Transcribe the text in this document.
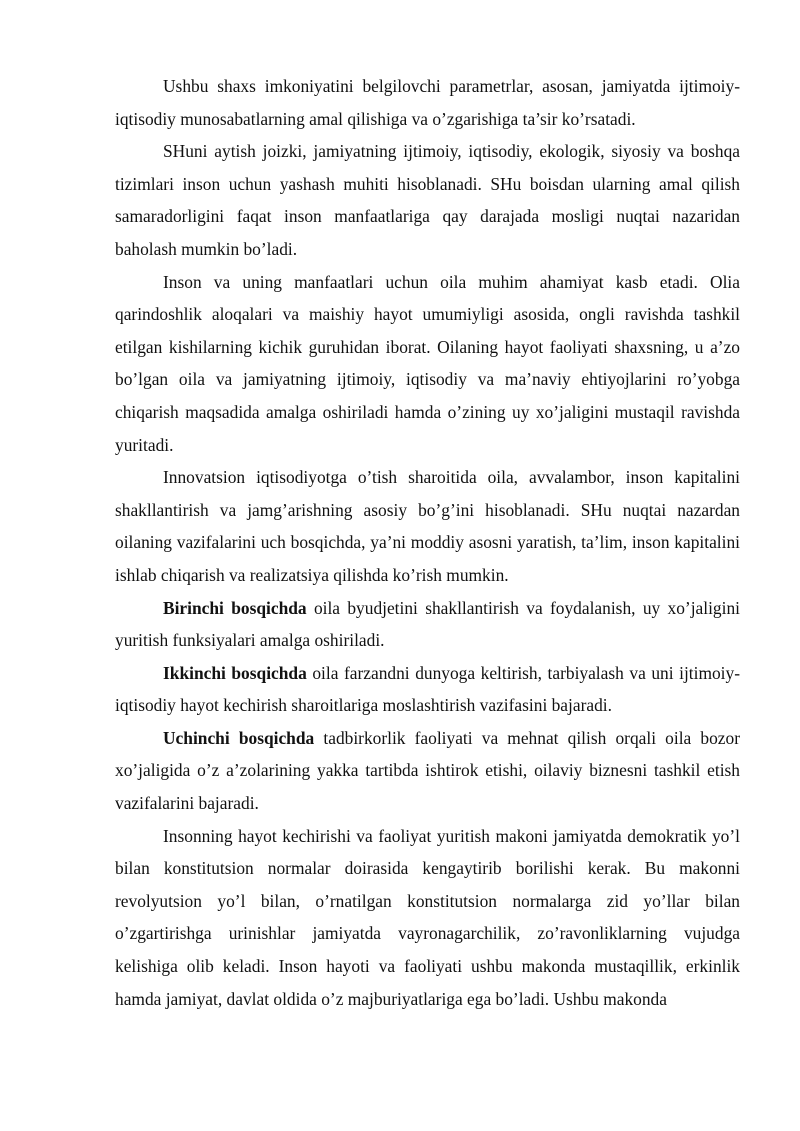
Ushbu shaxs imkoniyatini belgilovchi parametrlar, asosan, jamiyatda ijtimoiy- iqtisodiy munosabatlarning amal qilishiga va o’zgarishiga ta’sir ko’rsatadi.

SHuni aytish joizki, jamiyatning ijtimoiy, iqtisodiy, ekologik, siyosiy va boshqa tizimlari inson uchun yashash muhiti hisoblanadi. SHu boisdan ularning amal qilish samaradorligini faqat inson manfaatlariga qay darajada mosligi nuqtai nazaridan baholash mumkin bo’ladi.

Inson va uning manfaatlari uchun oila muhim ahamiyat kasb etadi. Olia qarindoshlik aloqalari va maishiy hayot umumiyligi asosida, ongli ravishda tashkil etilgan kishilarning kichik guruhidan iborat. Oilaning hayot faoliyati shaxsning, u a’zo bo’lgan oila va jamiyatning ijtimoiy, iqtisodiy va ma’naviy ehtiyojlarini ro’yobga chiqarish maqsadida amalga oshiriladi hamda o’zining uy xo’jaligini mustaqil ravishda yuritadi.

Innovatsion iqtisodiyotga o’tish sharoitida oila, avvalambor, inson kapitalini shakllantirish va jamg’arishning asosiy bo’g’ini hisoblanadi. SHu nuqtai nazardan oilaning vazifalarini uch bosqichda, ya’ni moddiy asosni yaratish, ta’lim, inson kapitalini ishlab chiqarish va realizatsiya qilishda ko’rish mumkin.

Birinchi bosqichda oila byudjetini shakllantirish va foydalanish, uy xo’jaligini yuritish funksiyalari amalga oshiriladi.

Ikkinchi bosqichda oila farzandni dunyoga keltirish, tarbiyalash va uni ijtimoiy-iqtisodiy hayot kechirish sharoitlariga moslashtirish vazifasini bajaradi.

Uchinchi bosqichda tadbirkorlik faoliyati va mehnat qilish orqali oila bozor xo’jaligida o’z a’zolarining yakka tartibda ishtirok etishi, oilaviy biznesni tashkil etish vazifalarini bajaradi.

Insonning hayot kechirishi va faoliyat yuritish makoni jamiyatda demokratik yo’l bilan konstitutsion normalar doirasida kengaytirib borilishi kerak. Bu makonni revolyutsion yo’l bilan, o’rnatilgan konstitutsion normalarga zid yo’llar bilan o’zgartirishga urinishlar jamiyatda vayronagarchilik, zo’ravonliklarning vujudga kelishiga olib keladi. Inson hayoti va faoliyati ushbu makonda mustaqillik, erkinlik hamda jamiyat, davlat oldida o’z majburiyatlariga ega bo’ladi. Ushbu makonda
